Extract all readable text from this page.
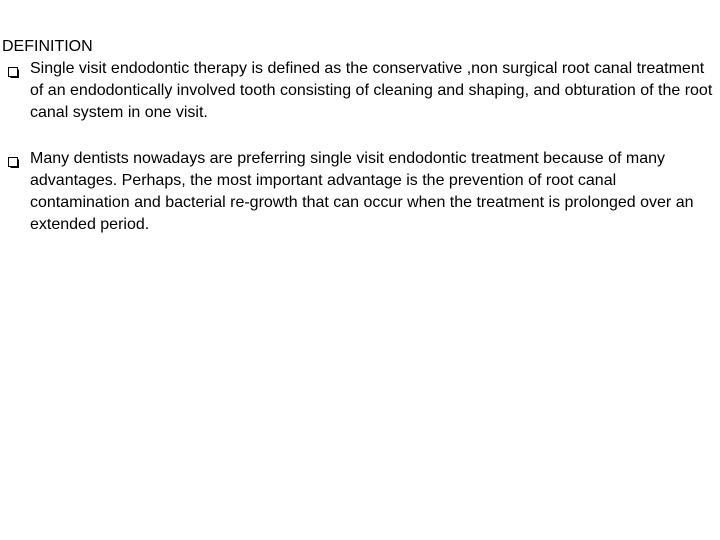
DEFINITION
Single visit endodontic therapy is defined as the conservative ,non surgical root canal treatment of an endodontically involved tooth consisting of cleaning and shaping, and obturation of the root canal system in one visit.
Many dentists nowadays are preferring single visit endodontic treatment because of many advantages. Perhaps, the most important advantage is the prevention of root canal contamination and bacterial re-growth that can occur when the treatment is prolonged over an extended period.
